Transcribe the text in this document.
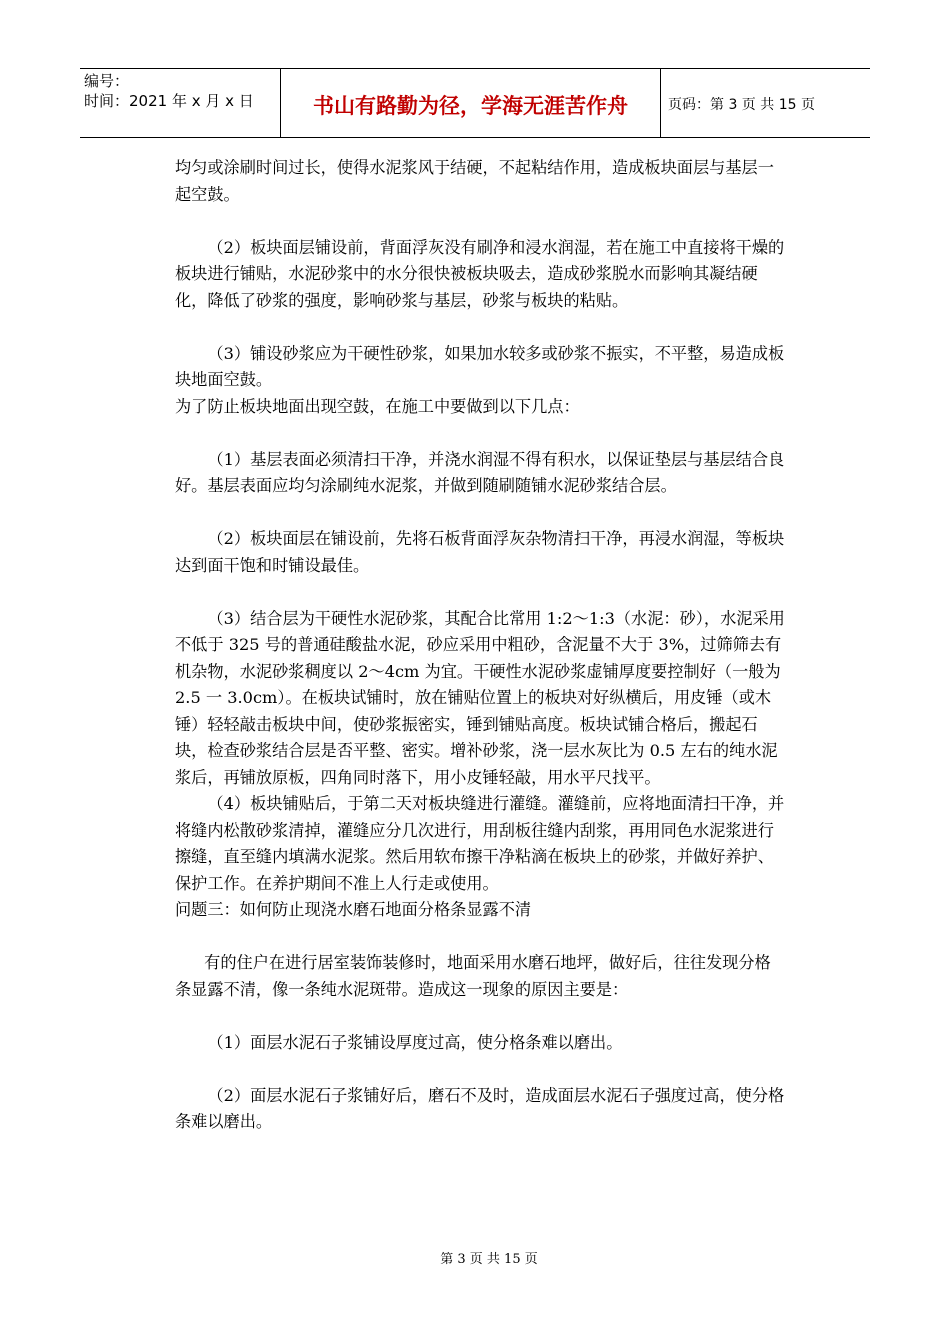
编号：
时间：2021 年 x 月 x 日	书山有路勤为径，学海无涯苦作舟	页码：第 3 页 共 15 页

均匀或涂刷时间过长，使得水泥浆风于结硬，不起粘结作用，造成板块面层与基层一起空鼓。

（2）板块面层铺设前，背面浮灰没有刷净和浸水润湿，若在施工中直接将干燥的板块进行铺贴，水泥砂浆中的水分很快被板块吸去，造成砂浆脱水而影响其凝结硬化，降低了砂浆的强度，影响砂浆与基层，砂浆与板块的粘贴。

（3）铺设砂浆应为干硬性砂浆，如果加水较多或砂浆不振实，不平整，易造成板块地面空鼓。

为了防止板块地面出现空鼓，在施工中要做到以下几点：

（1）基层表面必须清扫干净，并浇水润湿不得有积水，以保证垫层与基层结合良好。基层表面应均匀涂刷纯水泥浆，并做到随刷随铺水泥砂浆结合层。

（2）板块面层在铺设前，先将石板背面浮灰杂物清扫干净，再浸水润湿，等板块达到面干饱和时铺设最佳。

（3）结合层为干硬性水泥砂浆，其配合比常用 1:2～1:3（水泥：砂），水泥采用不低于 325 号的普通硅酸盐水泥，砂应采用中粗砂，含泥量不大于 3%，过筛筛去有机杂物，水泥砂浆稠度以 2～4cm 为宜。干硬性水泥砂浆虚铺厚度要控制好（一般为 2.5 一 3.0cm）。在板块试铺时，放在铺贴位置上的板块对好纵横后，用皮锤（或木锤）轻轻敲击板块中间，使砂浆振密实，锤到铺贴高度。板块试铺合格后，搬起石块，检查砂浆结合层是否平整、密实。增补砂浆，浇一层水灰比为 0.5 左右的纯水泥浆后，再铺放原板，四角同时落下，用小皮锤轻敲，用水平尺找平。

（4）板块铺贴后，于第二天对板块缝进行灌缝。灌缝前，应将地面清扫干净，并将缝内松散砂浆清掉，灌缝应分几次进行，用刮板往缝内刮浆，再用同色水泥浆进行擦缝，直至缝内填满水泥浆。然后用软布擦干净粘滴在板块上的砂浆，并做好养护、保护工作。在养护期间不准上人行走或使用。

问题三：如何防止现浇水磨石地面分格条显露不清

有的住户在进行居室装饰装修时，地面采用水磨石地坪，做好后，往往发现分格条显露不清，像一条纯水泥斑带。造成这一现象的原因主要是：

（1）面层水泥石子浆铺设厚度过高，使分格条难以磨出。

（2）面层水泥石子浆铺好后，磨石不及时，造成面层水泥石子强度过高，使分格条难以磨出。

第 3 页 共 15 页
